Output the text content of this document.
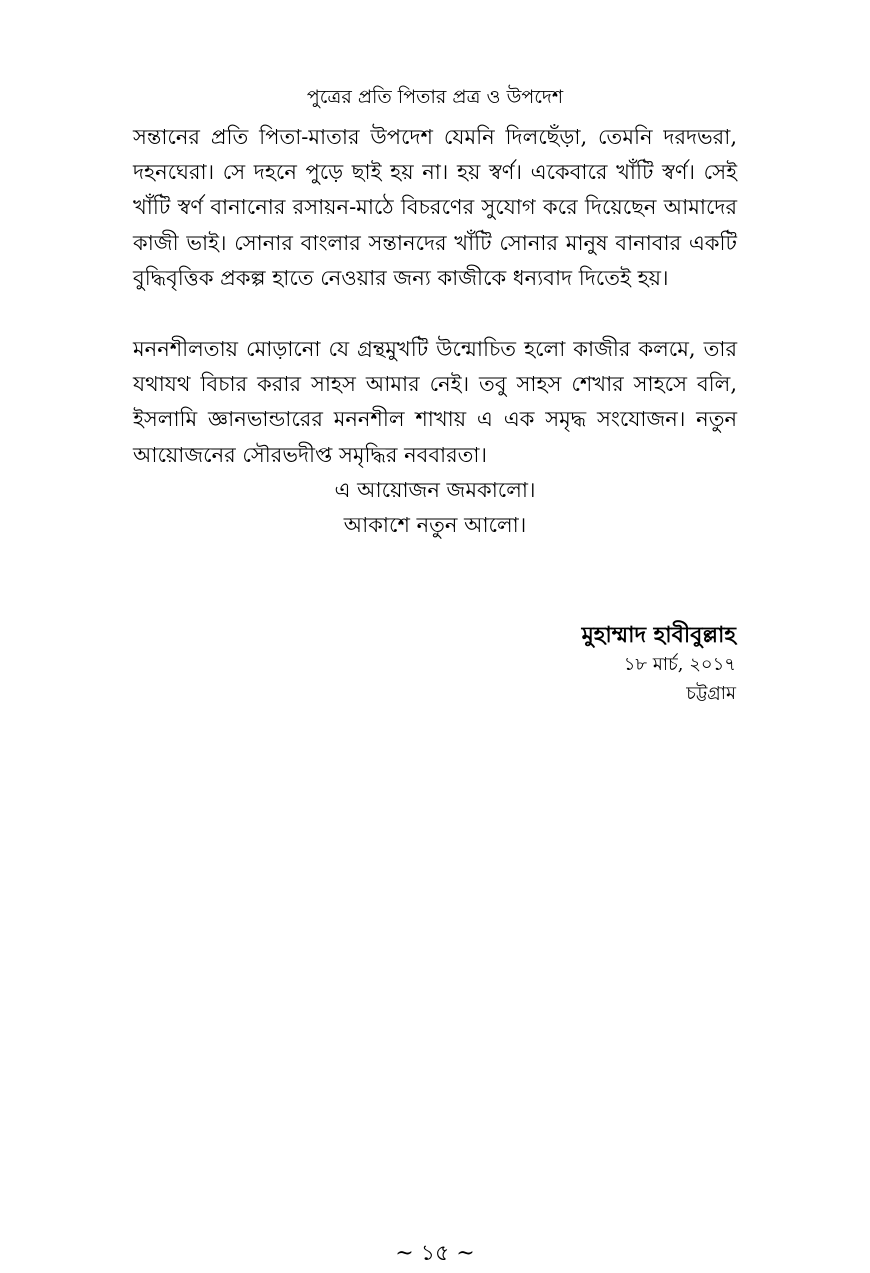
পুত্রের প্রতি পিতার প্রত্র ও উপদেশ

সন্তানের প্রতি পিতা-মাতার উপদেশ যেমনি দিলছেঁড়া, তেমনি দরদভরা, দহনঘেরা। সে দহনে পুড়ে ছাই হয় না। হয় স্বর্ণ। একেবারে খাঁটি স্বর্ণ। সেই খাঁটি স্বর্ণ বানানোর রসায়ন-মাঠে বিচরণের সুযোগ করে দিয়েছেন আমাদের কাজী ভাই। সোনার বাংলার সন্তানদের খাঁটি সোনার মানুষ বানাবার একটি বুদ্ধিবৃত্তিক প্রকল্প হাতে নেওয়ার জন্য কাজীকে ধন্যবাদ দিতেই হয়।

মননশীলতায় মোড়ানো যে গ্রন্থমুখটি উন্মোচিত হলো কাজীর কলমে, তার যথাযথ বিচার করার সাহস আমার নেই। তবু সাহস শেখার সাহসে বলি, ইসলামি জ্ঞানভান্ডারের মননশীল শাখায় এ এক সমৃদ্ধ সংযোজন। নতুন আয়োজনের সৌরভদীপ্ত সমৃদ্ধির নববারতা।

এ আয়োজন জমকালো।

আকাশে নতুন আলো।

মুহাম্মাদ হাবীবুল্লাহ

১৮ মার্চ, ২০১৭

চট্টগ্রাম

~ ১৫ ~
